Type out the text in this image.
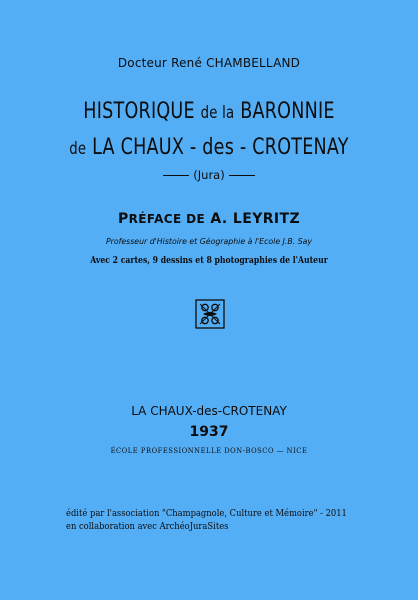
Docteur René CHAMBELLAND
HISTORIQUE de la BARONNIE
de LA CHAUX - des - CROTENAY
(Jura)
PRÉFACE DE A. LEYRITZ
Professeur d'Histoire et Géographie à l'Ecole J.B. Say
Avec 2 cartes, 9 dessins et 8 photographies de l'Auteur
LA CHAUX-des-CROTENAY
1937
ÉCOLE PROFESSIONNELLE DON-BOSCO — NICE
édité par l'association "Champagnole, Culture et Mémoire" - 2011
en collaboration avec ArchéoJuraSites
